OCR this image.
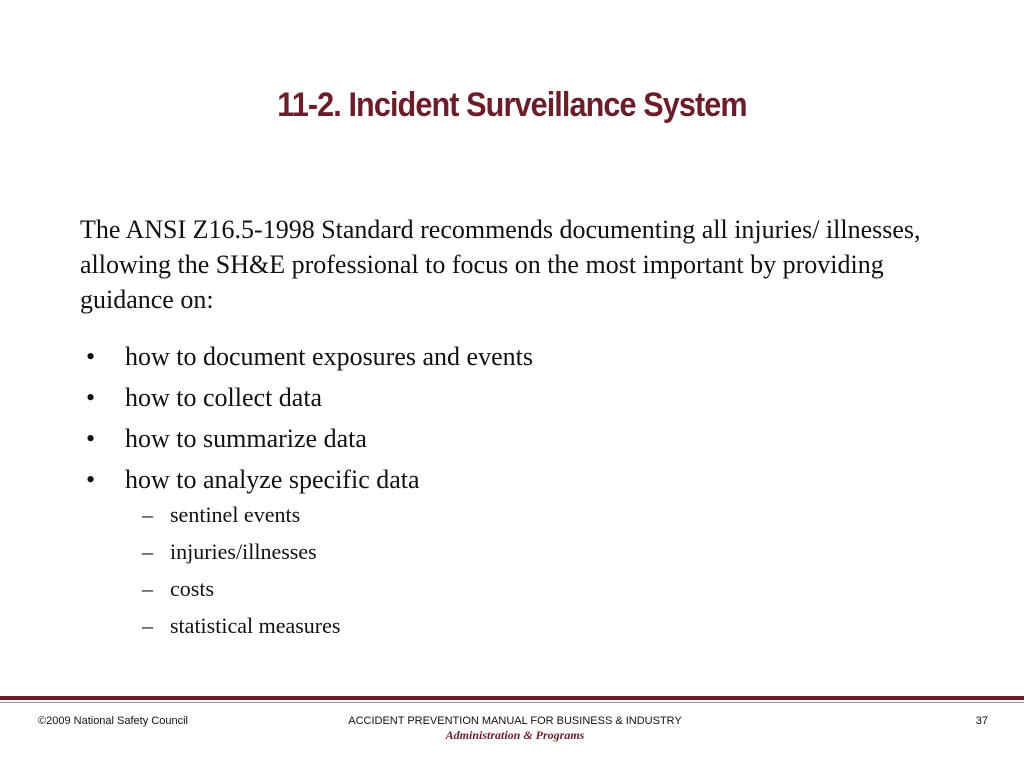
11-2. Incident Surveillance System
The ANSI Z16.5-1998 Standard recommends documenting all injuries/ illnesses, allowing the SH&E professional to focus on the most important by providing guidance on:
• how to document exposures and events
• how to collect data
• how to summarize data
• how to analyze specific data
– sentinel events
– injuries/illnesses
– costs
– statistical measures
©2009 National Safety Council	ACCIDENT PREVENTION MANUAL FOR BUSINESS & INDUSTRY
Administration & Programs
37
